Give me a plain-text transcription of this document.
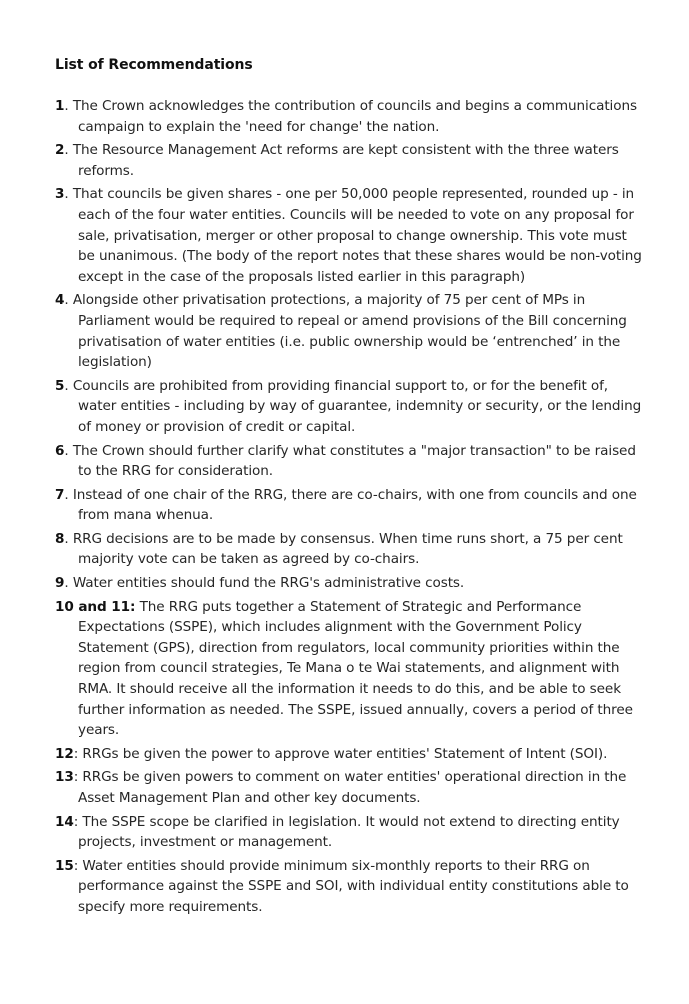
List of Recommendations
1. The Crown acknowledges the contribution of councils and begins a communications campaign to explain the 'need for change' the nation.
2. The Resource Management Act reforms are kept consistent with the three waters reforms.
3. That councils be given shares - one per 50,000 people represented, rounded up - in each of the four water entities. Councils will be needed to vote on any proposal for sale, privatisation, merger or other proposal to change ownership. This vote must be unanimous. (The body of the report notes that these shares would be non-voting except in the case of the proposals listed earlier in this paragraph)
4. Alongside other privatisation protections, a majority of 75 per cent of MPs in Parliament would be required to repeal or amend provisions of the Bill concerning privatisation of water entities (i.e. public ownership would be ‘entrenched’ in the legislation)
5. Councils are prohibited from providing financial support to, or for the benefit of, water entities - including by way of guarantee, indemnity or security, or the lending of money or provision of credit or capital.
6. The Crown should further clarify what constitutes a "major transaction" to be raised to the RRG for consideration.
7. Instead of one chair of the RRG, there are co-chairs, with one from councils and one from mana whenua.
8. RRG decisions are to be made by consensus. When time runs short, a 75 per cent majority vote can be taken as agreed by co-chairs.
9. Water entities should fund the RRG's administrative costs.
10 and 11: The RRG puts together a Statement of Strategic and Performance Expectations (SSPE), which includes alignment with the Government Policy Statement (GPS), direction from regulators, local community priorities within the region from council strategies, Te Mana o te Wai statements, and alignment with RMA. It should receive all the information it needs to do this, and be able to seek further information as needed. The SSPE, issued annually, covers a period of three years.
12: RRGs be given the power to approve water entities' Statement of Intent (SOI).
13: RRGs be given powers to comment on water entities' operational direction in the Asset Management Plan and other key documents.
14: The SSPE scope be clarified in legislation. It would not extend to directing entity projects, investment or management.
15: Water entities should provide minimum six-monthly reports to their RRG on performance against the SSPE and SOI, with individual entity constitutions able to specify more requirements.
